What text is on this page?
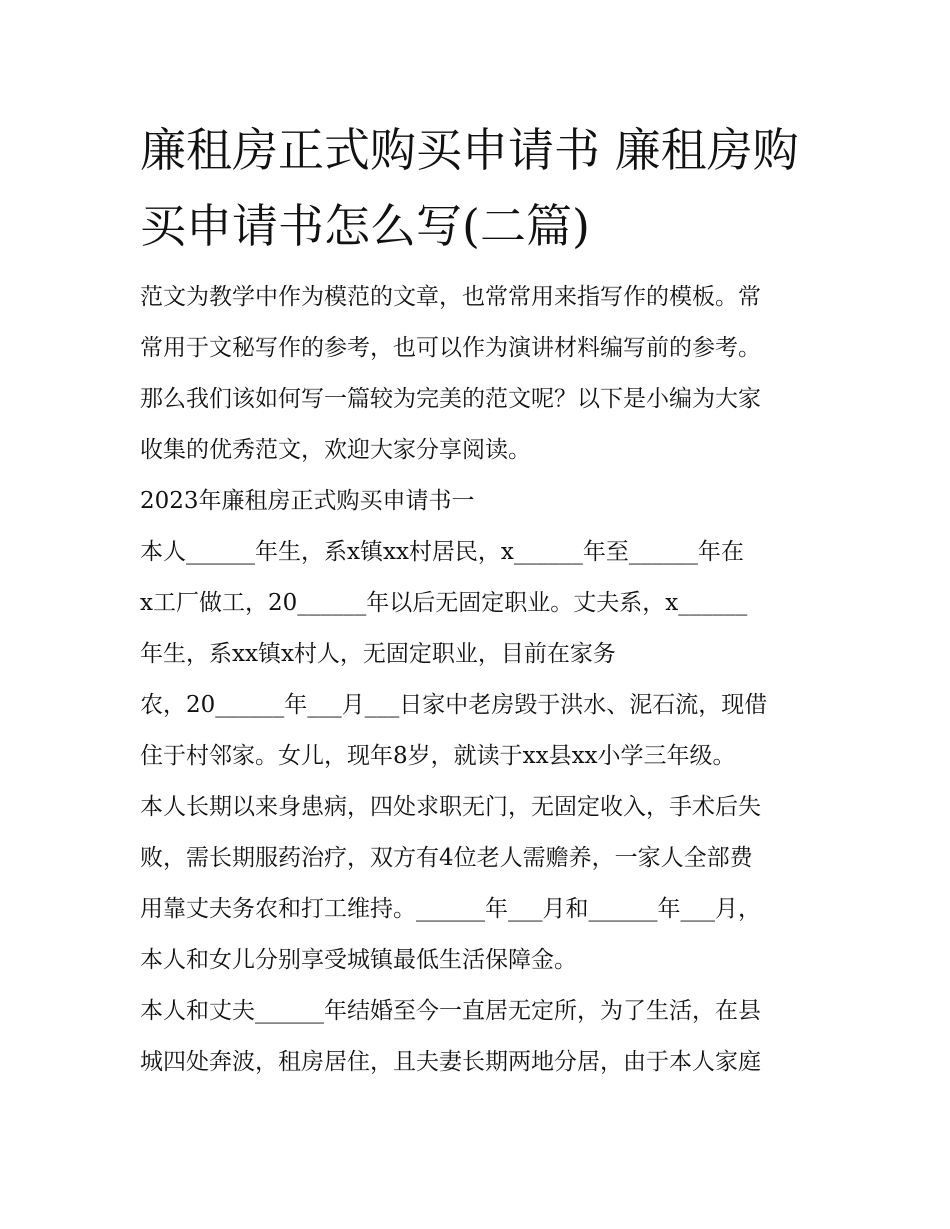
廉租房正式购买申请书 廉租房购买申请书怎么写(二篇)
范文为教学中作为模范的文章，也常常用来指写作的模板。常
常用于文秘写作的参考，也可以作为演讲材料编写前的参考。
那么我们该如何写一篇较为完美的范文呢？以下是小编为大家
收集的优秀范文，欢迎大家分享阅读。
2023年廉租房正式购买申请书一
本人______年生，系x镇xx村居民，x______年至______年在
x工厂做工，20______年以后无固定职业。丈夫系，x______
年生，系xx镇x村人，无固定职业，目前在家务
农，20______年___月___日家中老房毁于洪水、泥石流，现借
住于村邻家。女儿，现年8岁，就读于xx县xx小学三年级。
本人长期以来身患病，四处求职无门，无固定收入，手术后失
败，需长期服药治疗，双方有4位老人需赡养，一家人全部费
用靠丈夫务农和打工维持。______年___月和______年___月，
本人和女儿分别享受城镇最低生活保障金。
本人和丈夫______年结婚至今一直居无定所，为了生活，在县
城四处奔波，租房居住，且夫妻长期两地分居，由于本人家庭
